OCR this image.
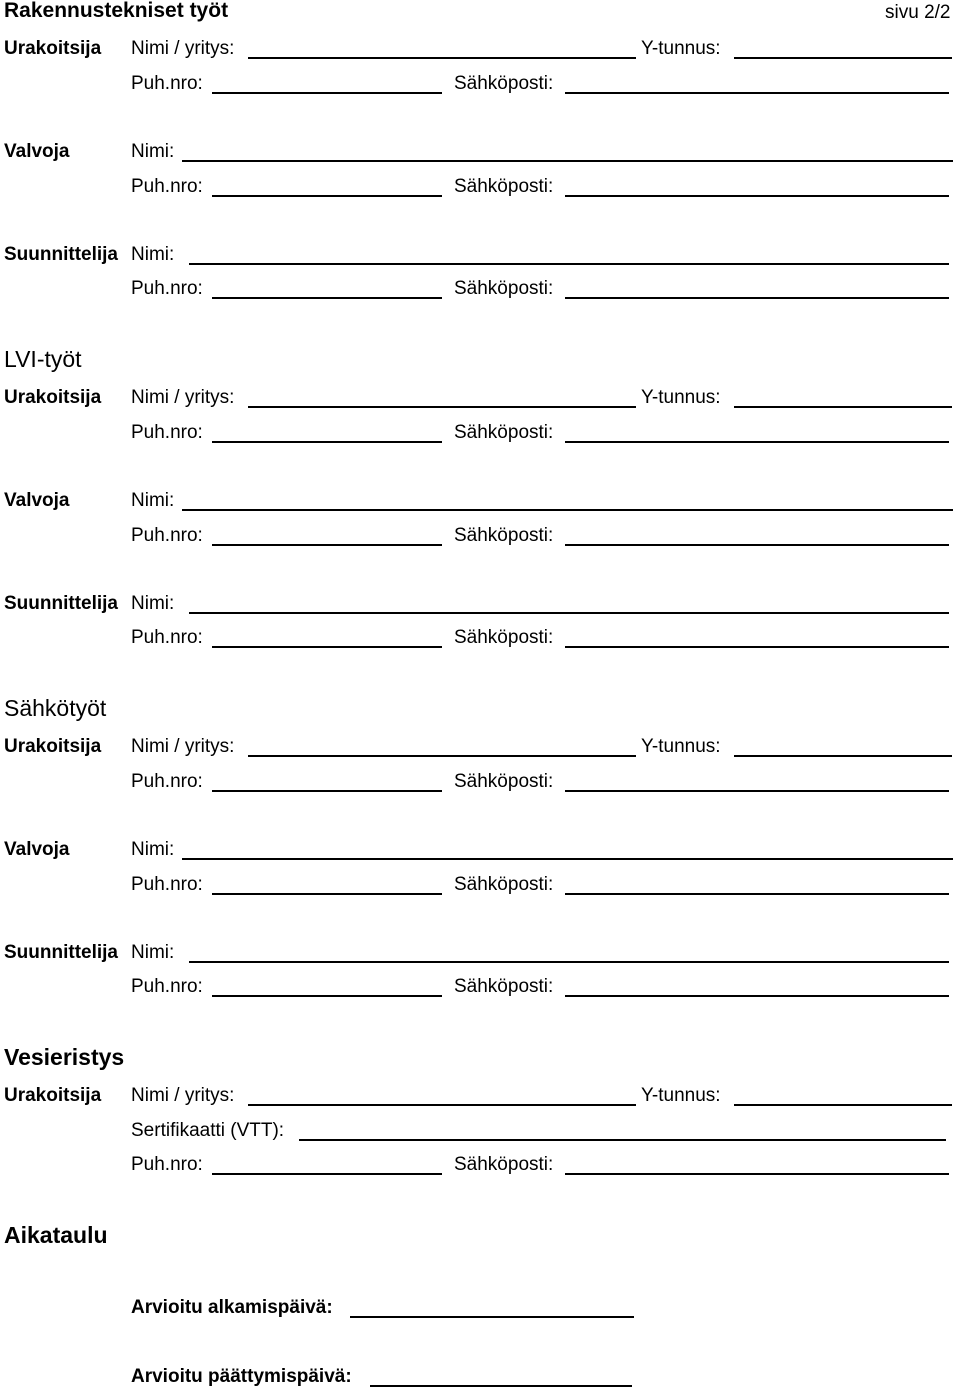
Rakennustekniset työt	sivu 2/2
Urakoitsija Nimi / yritys:	Y-tunnus:
Puh.nro:	Sähköposti:
Valvoja	Nimi:
Puh.nro:	Sähköposti:
Suunnittelija Nimi:
Puh.nro:	Sähköposti:
LVI-työt
Urakoitsija Nimi / yritys:	Y-tunnus:
Puh.nro:	Sähköposti:
Valvoja	Nimi:
Puh.nro:	Sähköposti:
Suunnittelija Nimi:
Puh.nro:	Sähköposti:
Sähkötyöt
Urakoitsija Nimi / yritys:	Y-tunnus:
Puh.nro:	Sähköposti:
Valvoja	Nimi:
Puh.nro:	Sähköposti:
Suunnittelija Nimi:
Puh.nro:	Sähköposti:
Vesieristys
Urakoitsija Nimi / yritys:	Y-tunnus:
Sertifikaatti (VTT):
Puh.nro:	Sähköposti:
Aikataulu
Arvioitu alkamispäivä:
Arvioitu päättymispäivä:
